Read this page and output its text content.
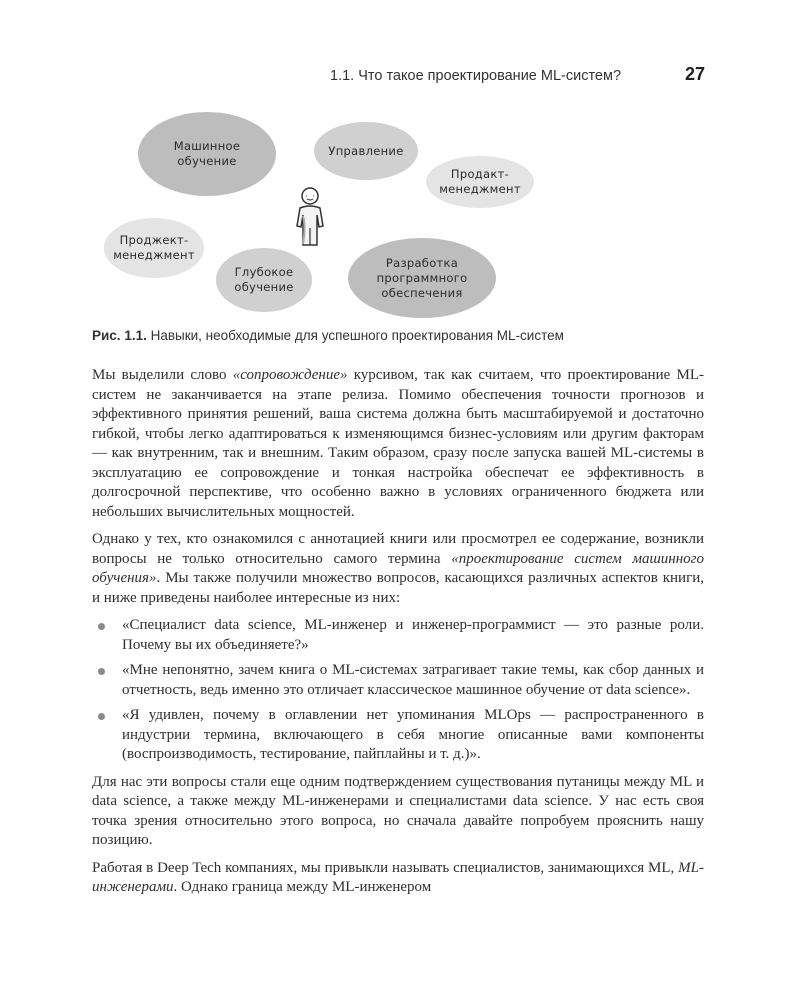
1.1. Что такое проектирование ML-систем?	27
Машинное
обучение
Управление
Продакт-
менеджмент
Проджект-
менеджмент
Глубокое
обучение
Разработка
программного
обеспечения
Рис. 1.1. Навыки, необходимые для успешного проектирования ML-систем

Мы выделили слово «сопровождение» курсивом, так как считаем, что проектирование ML-систем не заканчивается на этапе релиза. Помимо обеспечения точности прогнозов и эффективного принятия решений, ваша система должна быть масштабируемой и достаточно гибкой, чтобы легко адаптироваться к изменяющимся бизнес-условиям или другим факторам — как внутренним, так и внешним. Таким образом, сразу после запуска вашей ML-системы в эксплуатацию ее сопровождение и тонкая настройка обеспечат ее эффективность в долгосрочной перспективе, что особенно важно в условиях ограниченного бюджета или небольших вычислительных мощностей.

Однако у тех, кто ознакомился с аннотацией книги или просмотрел ее содержание, возникли вопросы не только относительно самого термина «проектирование систем машинного обучения». Мы также получили множество вопросов, касающихся различных аспектов книги, и ниже приведены наиболее интересные из них:

«Специалист data science, ML-инженер и инженер-программист — это разные роли. Почему вы их объединяете?»
«Мне непонятно, зачем книга о ML-системах затрагивает такие темы, как сбор данных и отчетность, ведь именно это отличает классическое машинное обучение от data science».
«Я удивлен, почему в оглавлении нет упоминания MLOps — распространенного в индустрии термина, включающего в себя многие описанные вами компоненты (воспроизводимость, тестирование, пайплайны и т. д.)».

Для нас эти вопросы стали еще одним подтверждением существования путаницы между ML и data science, а также между ML-инженерами и специалистами data science. У нас есть своя точка зрения относительно этого вопроса, но сначала давайте попробуем прояснить нашу позицию.

Работая в Deep Tech компаниях, мы привыкли называть специалистов, занимающихся ML, ML-инженерами. Однако граница между ML-инженером
